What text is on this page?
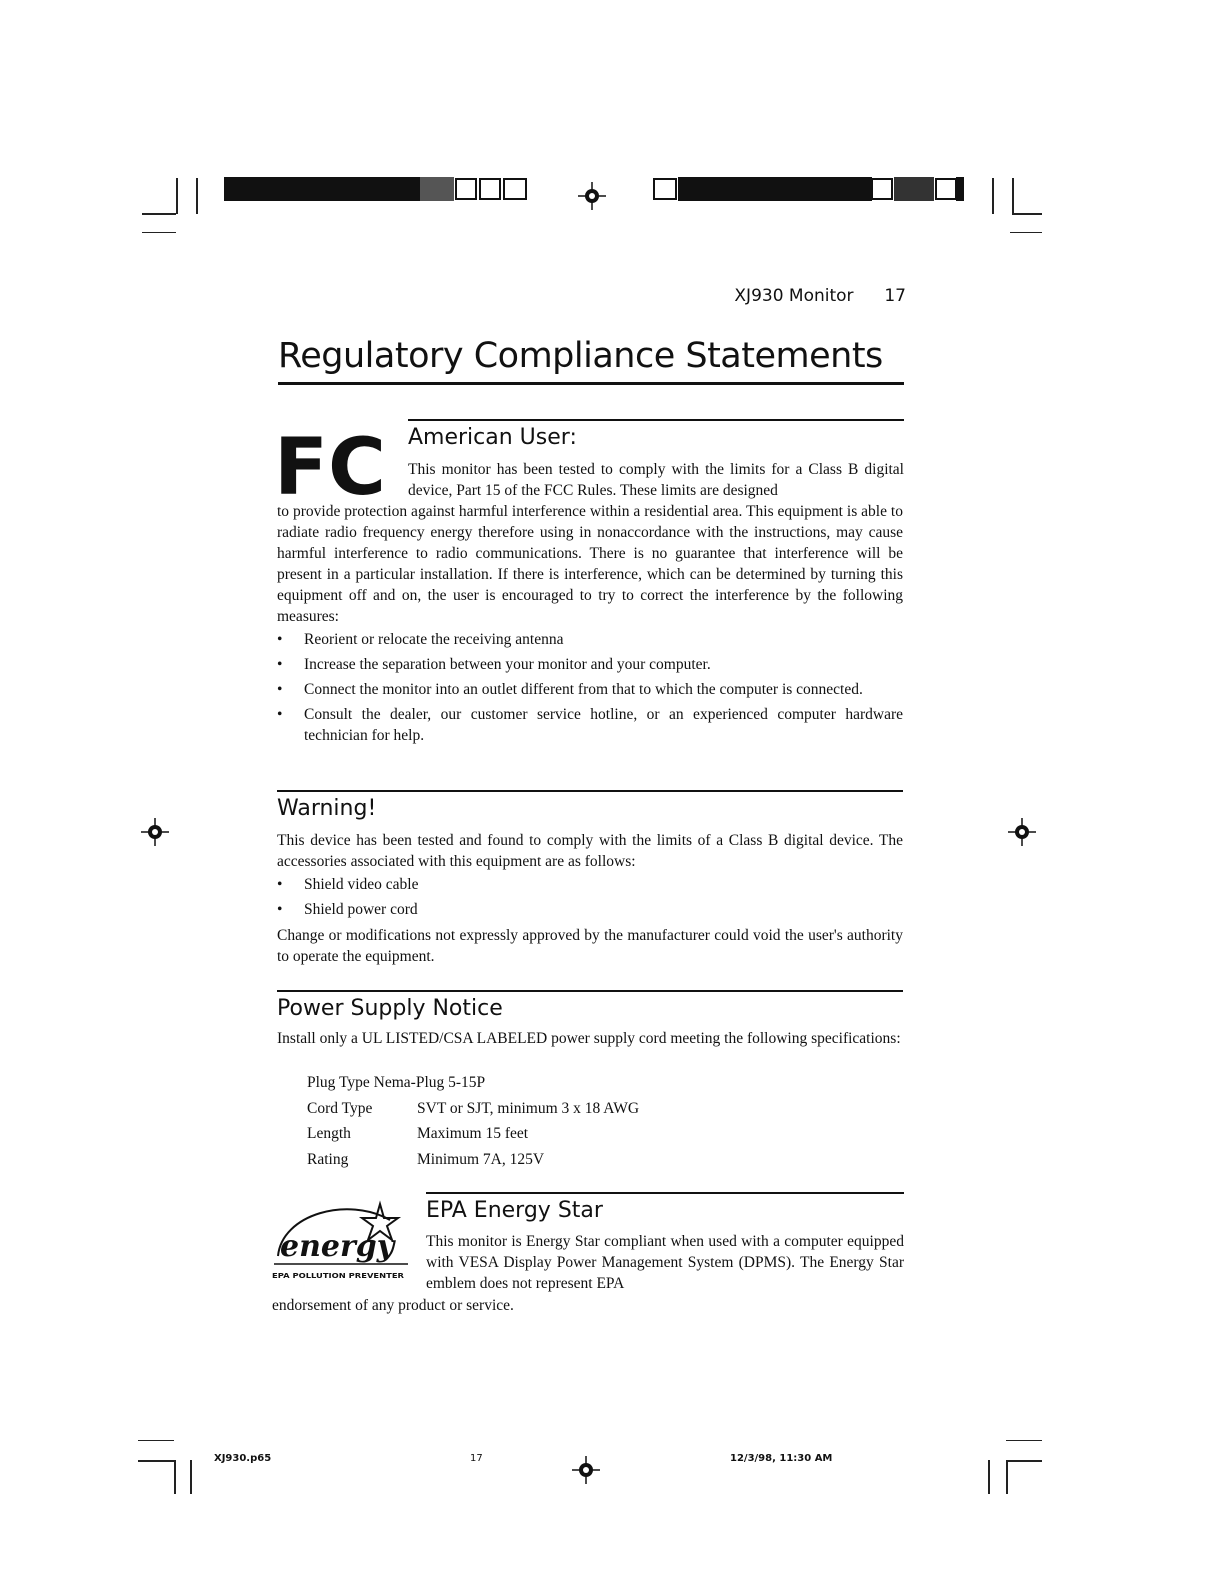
XJ930 Monitor 17
Regulatory Compliance Statements
FC American User:
This monitor has been tested to comply with the limits for a Class B digital device, Part 15 of the FCC Rules. These limits are designed
to provide protection against harmful interference within a residential area. This equipment is able to radiate radio frequency energy therefore using in nonaccordance with the instructions, may cause harmful interference to radio communications. There is no guarantee that interference will be present in a particular installation. If there is interference, which can be determined by turning this equipment off and on, the user is encouraged to try to correct the interference by the following measures:
• Reorient or relocate the receiving antenna
• Increase the separation between your monitor and your computer.
• Connect the monitor into an outlet different from that to which the computer is connected.
• Consult the dealer, our customer service hotline, or an experienced computer hardware technician for help.
Warning!
This device has been tested and found to comply with the limits of a Class B digital device. The accessories associated with this equipment are as follows:
• Shield video cable
• Shield power cord
Change or modifications not expressly approved by the manufacturer could void the user's authority to operate the equipment.
Power Supply Notice
Install only a UL LISTED/CSA LABELED power supply cord meeting the following specifications:
Plug Type Nema-Plug 5-15P
Cord Type	SVT or SJT, minimum 3 x 18 AWG
Length	Maximum 15 feet
Rating	Minimum 7A, 125V
energy
EPA POLLUTION PREVENTER
EPA Energy Star
This monitor is Energy Star compliant when used with a computer equipped with VESA Display Power Management System (DPMS). The Energy Star emblem does not represent EPA
endorsement of any product or service.
XJ930.p65	17	12/3/98, 11:30 AM
